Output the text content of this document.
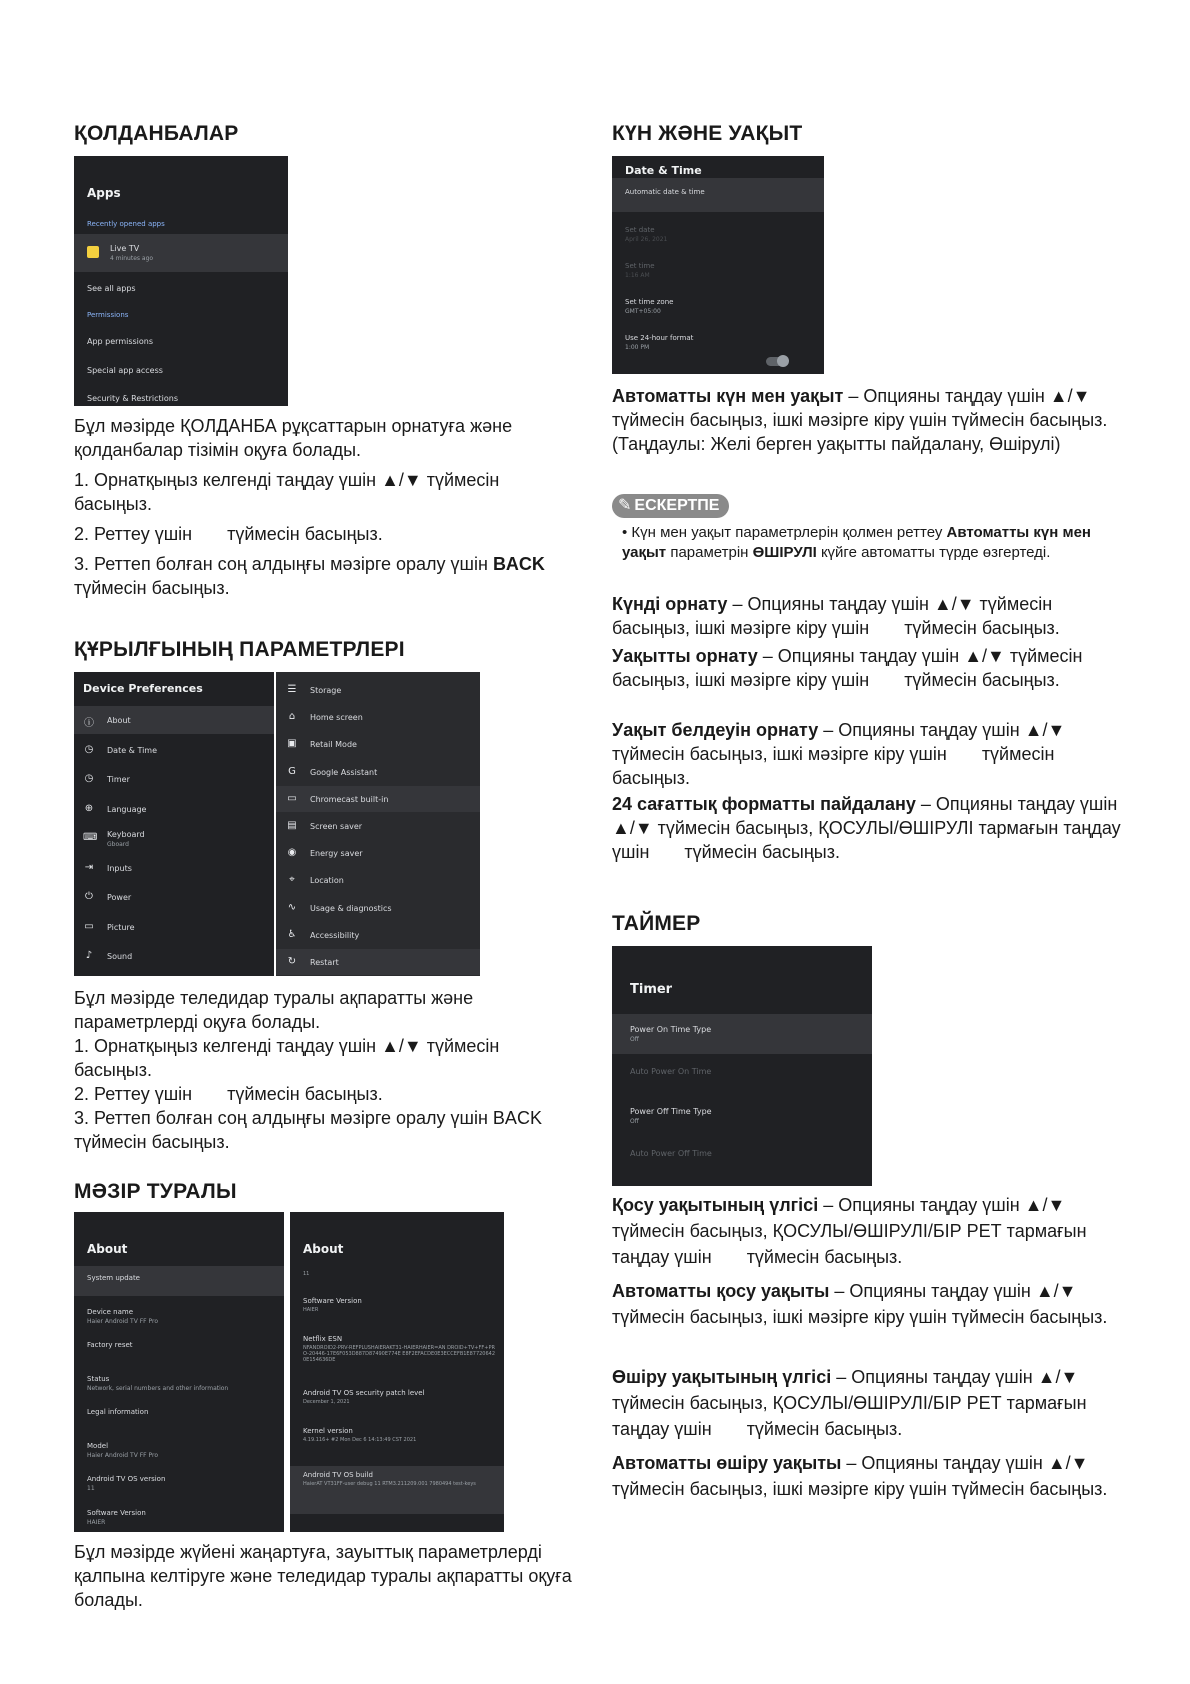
ҚОЛДАНБАЛАР
Apps
Recently opened apps
Live TV
4 minutes ago
See all apps
Permissions
App permissions
Special app access
Security & Restrictions
Бұл мәзірде ҚОЛДАНБА рұқсаттарын орнатуға және қолданбалар тізімін оқуға болады.
1. Орнатқыңыз келгенді таңдау үшін ▲/▼ түймесін басыңыз.
2. Реттеу үшін       түймесін басыңыз.
3. Реттеп болған соң алдыңғы мәзірге оралу үшін BACK түймесін басыңыз.
ҚҰРЫЛҒЫНЫҢ ПАРАМЕТРЛЕРІ
Device Preferences
ⓘ About
◷ Date & Time
◷ Timer
⊕ Language
⌨ Keyboard
Gboard
⇥ Inputs
⏻ Power
▭ Picture
♪	Sound
☰ Storage
⌂	Home screen
▣ Retail Mode
G Google Assistant
▭ Chromecast built-in
▤ Screen saver
◉ Energy saver
⌖	Location
∿ Usage & diagnostics
♿ Accessibility
↻ Restart
Бұл мәзірде теледидар туралы ақпаратты және параметрлерді оқуға болады.
1. Орнатқыңыз келгенді таңдау үшін ▲/▼ түймесін басыңыз.
2. Реттеу үшін       түймесін басыңыз.
3. Реттеп болған соң алдыңғы мәзірге оралу үшін BACK түймесін басыңыз.
МӘЗІР ТУРАЛЫ
About
System update
Device name
Haier Android TV FF Pro
Factory reset
Status
Network, serial numbers and other information
Legal information
Model
Haier Android TV FF Pro
Android TV OS version
11
Software Version
HAIER
About
11
Software Version
HAIER
Netflix ESN
NFANDROID2-PRV-REFPLUSHAIERAKT31-HAIERHAIER=AN DROID+TV+FF+PRO-20446-17E6F053D887D87490E774E E8F2EFACDE0E3ECCEFB1E877206420E154636DE
Android TV OS security patch level
December 1, 2021
Kernel version
4.19.116+ #2 Mon Dec 6 14:13:49 CST 2021
Android TV OS build
HaierAT VT31FF-user debug 11 RTM3.211209.001 7980494 test-keys
Бұл мәзірде жүйені жаңартуға, зауыттық параметрлерді қалпына келтіруге және теледидар туралы ақпаратты оқуға болады.
КҮН ЖӘНЕ УАҚЫТ
Date & Time
Automatic date & time
Set date
April 26, 2021
Set time
1:16 AM
Set time zone
GMT+05:00
Use 24-hour format
1:00 PM
Автоматты күн мен уақыт – Опцияны таңдау үшін ▲/▼ түймесін басыңыз, ішкі мәзірге кіру үшін түймесін басыңыз. (Таңдаулы: Желі берген уақытты пайдалану, Өшірулі)
✎ ЕСКЕРТПЕ
• Күн мен уақыт параметрлерін қолмен реттеу Автоматты күн мен уақыт параметрін ӨШІРУЛІ күйге автоматты түрде өзгертеді.
Күнді орнату – Опцияны таңдау үшін ▲/▼ түймесін басыңыз, ішкі мәзірге кіру үшін       түймесін басыңыз.
Уақытты орнату – Опцияны таңдау үшін ▲/▼ түймесін басыңыз, ішкі мәзірге кіру үшін       түймесін басыңыз.
Уақыт белдеуін орнату – Опцияны таңдау үшін ▲/▼ түймесін басыңыз, ішкі мәзірге кіру үшін       түймесін басыңыз.
24 сағаттық форматты пайдалану – Опцияны таңдау үшін ▲/▼ түймесін басыңыз, ҚОСУЛЫ/ӨШІРУЛІ тармағын таңдау үшін       түймесін басыңыз.
ТАЙМЕР
Timer
Power On Time Type
Off
Auto Power On Time
Power Off Time Type
Off
Auto Power Off Time
Қосу уақытының үлгісі – Опцияны таңдау үшін ▲/▼ түймесін басыңыз, ҚОСУЛЫ/ӨШІРУЛІ/БІР РЕТ тармағын таңдау үшін       түймесін басыңыз.
Автоматты қосу уақыты – Опцияны таңдау үшін ▲/▼ түймесін басыңыз, ішкі мәзірге кіру үшін түймесін басыңыз.
Өшіру уақытының үлгісі – Опцияны таңдау үшін ▲/▼ түймесін басыңыз, ҚОСУЛЫ/ӨШІРУЛІ/БІР РЕТ тармағын таңдау үшін       түймесін басыңыз.
Автоматты өшіру уақыты – Опцияны таңдау үшін ▲/▼ түймесін басыңыз, ішкі мәзірге кіру үшін түймесін басыңыз.
